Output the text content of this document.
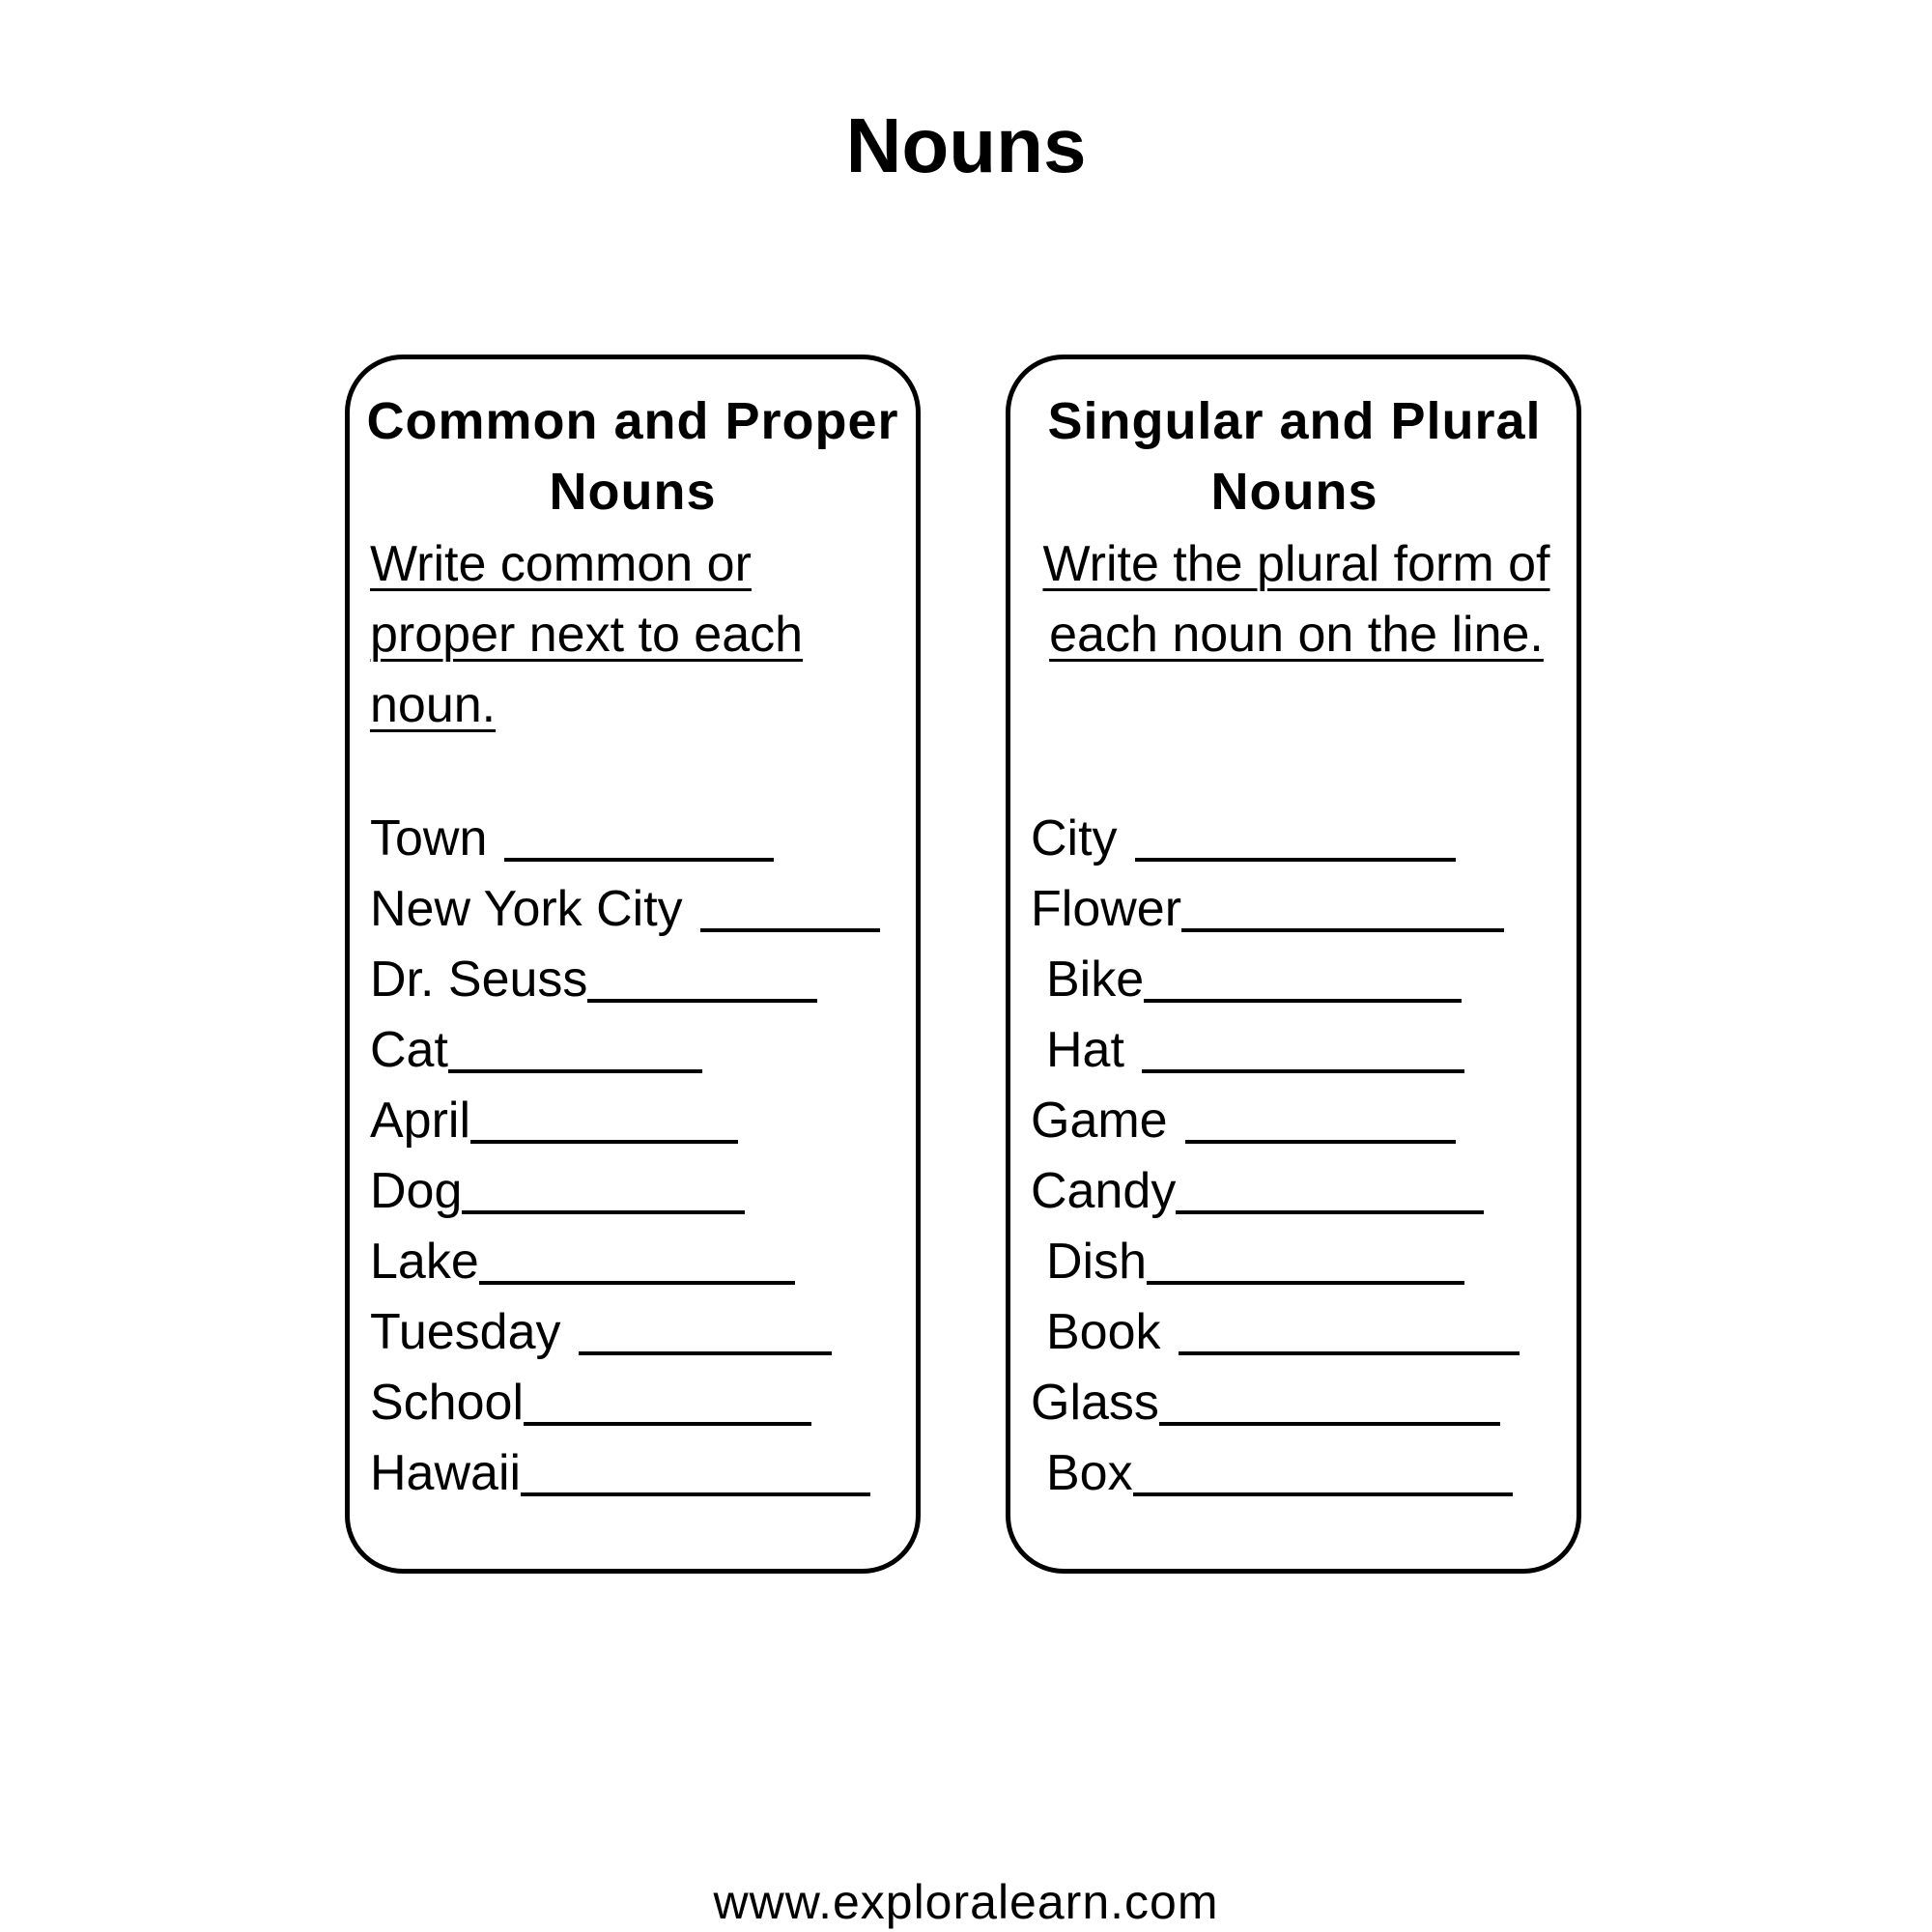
Nouns
Common and Proper Nouns
Singular and Plural Nouns
Write common or proper next to each noun.
Write the plural form of each noun on the line.
Town
New York City
Dr. Seuss
Cat
April
Dog
Lake
Tuesday
School
Hawaii
City
Flower
Bike
Hat
Game
Candy
Dish
Book
Glass
Box
www.exploralearn.com
